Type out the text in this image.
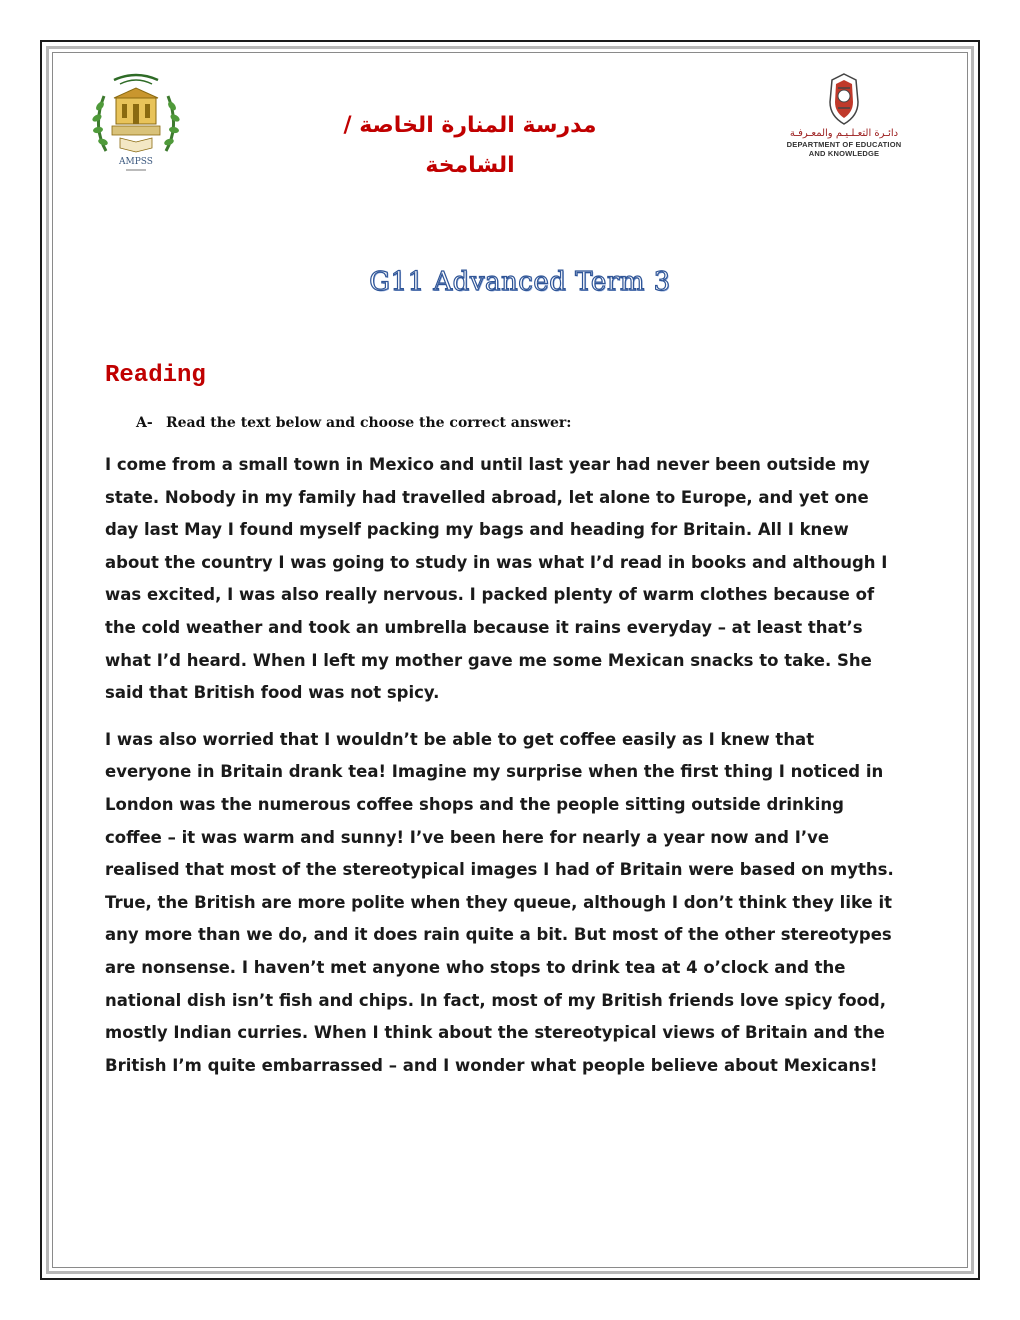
AMPSS
مدرسة المنارة الخاصة / الشامخة
دائـرة التعـلـيـم والمعـرفـة
DEPARTMENT OF EDUCATION
AND KNOWLEDGE
G11 Advanced Term 3
Reading
A- Read the text below and choose the correct answer:

I come from a small town in Mexico and until last year had never been outside my
state. Nobody in my family had travelled abroad, let alone to Europe, and yet one
day last May I found myself packing my bags and heading for Britain. All I knew
about the country I was going to study in was what I’d read in books and although I
was excited, I was also really nervous. I packed plenty of warm clothes because of
the cold weather and took an umbrella because it rains everyday – at least that’s
what I’d heard. When I left my mother gave me some Mexican snacks to take. She
said that British food was not spicy.

I was also worried that I wouldn’t be able to get coffee easily as I knew that
everyone in Britain drank tea! Imagine my surprise when the first thing I noticed in
London was the numerous coffee shops and the people sitting outside drinking
coffee – it was warm and sunny! I’ve been here for nearly a year now and I’ve
realised that most of the stereotypical images I had of Britain were based on myths.
True, the British are more polite when they queue, although I don’t think they like it
any more than we do, and it does rain quite a bit. But most of the other stereotypes
are nonsense. I haven’t met anyone who stops to drink tea at 4 o’clock and the
national dish isn’t fish and chips. In fact, most of my British friends love spicy food,
mostly Indian curries. When I think about the stereotypical views of Britain and the
British I’m quite embarrassed – and I wonder what people believe about Mexicans!
